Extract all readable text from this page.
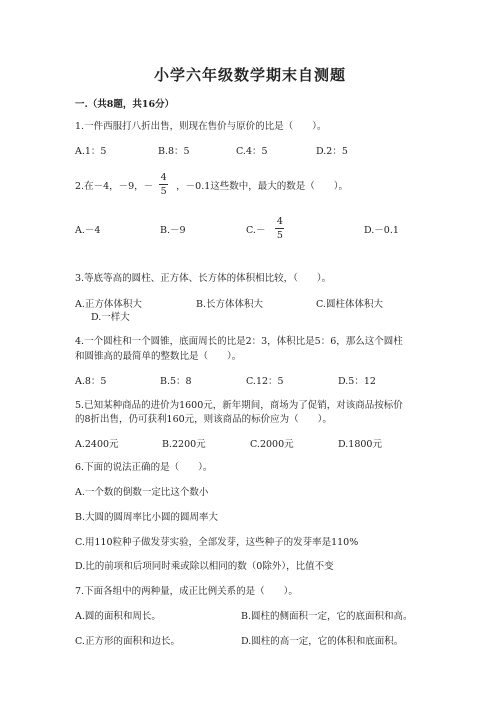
小学六年级数学期末自测题
一.（共8题，共16分）
1.一件西服打八折出售，则现在售价与原价的比是（　　）。
A.1：5	B.8：5	C.4：5	D.2：5
2.在－4，－9，－ $\frac{4}{5}$ ，－0.1这些数中，最大的数是（　　）。
A.－4	B.－9	$C.- \frac{4}{5}$	D.－0.1
3.等底等高的圆柱、正方体、长方体的体积相比较，（　　）。
A.正方体体积大	B.长方体体积大	C.圆柱体体积大
D.一样大
4.一个圆柱和一个圆锥，底面周长的比是2：3，体积比是5：6，那么这个圆柱
和圆锥高的最简单的整数比是（　　）。
A.8：5	B.5：8	C.12：5	D.5：12
5.已知某种商品的进价为1600元，新年期间，商场为了促销，对该商品按标价
的8折出售，仍可获利160元，则该商品的标价应为（　　）。
A.2400元	B.2200元	C.2000元	D.1800元
6.下面的说法正确的是（　　）。
A.一个数的倒数一定比这个数小
B.大圆的圆周率比小圆的圆周率大
C.用110粒种子做发芽实验，全部发芽，这些种子的发芽率是110%
D.比的前项和后项同时乘或除以相同的数（0除外），比值不变
7.下面各组中的两种量，成正比例关系的是（　　）。
A.圆的面积和周长。	B.圆柱的侧面积一定，它的底面积和高。
C.正方形的面积和边长。	D.圆柱的高一定，它的体积和底面积。
